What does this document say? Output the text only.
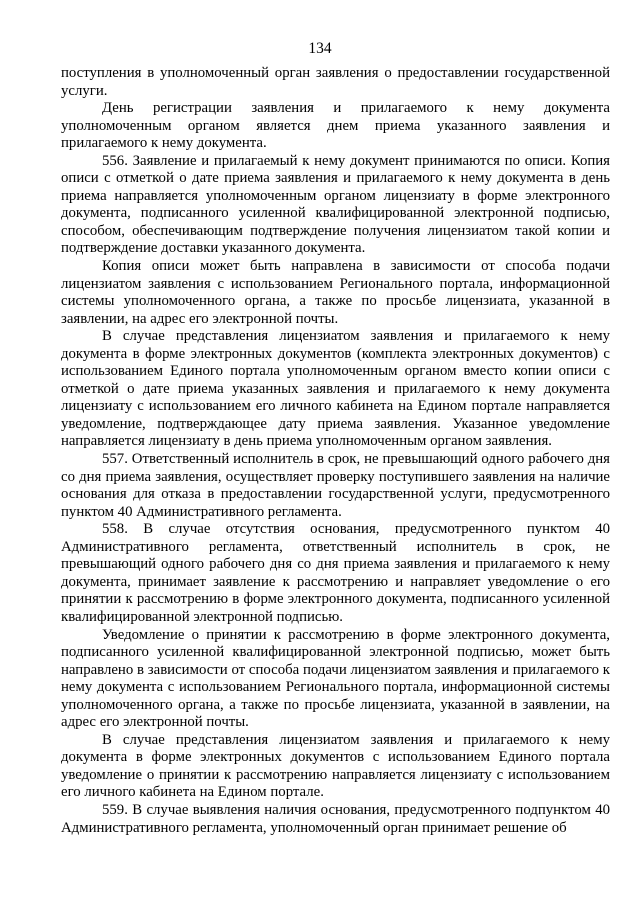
134

поступления в уполномоченный орган заявления о предоставлении государственной услуги.

День регистрации заявления и прилагаемого к нему документа уполномоченным органом является днем приема указанного заявления и прилагаемого к нему документа.

556. Заявление и прилагаемый к нему документ принимаются по описи. Копия описи с отметкой о дате приема заявления и прилагаемого к нему документа в день приема направляется уполномоченным органом лицензиату в форме электронного документа, подписанного усиленной квалифицированной электронной подписью, способом, обеспечивающим подтверждение получения лицензиатом такой копии и подтверждение доставки указанного документа.

Копия описи может быть направлена в зависимости от способа подачи лицензиатом заявления с использованием Регионального портала, информационной системы уполномоченного органа, а также по просьбе лицензиата, указанной в заявлении, на адрес его электронной почты.

В случае представления лицензиатом заявления и прилагаемого к нему документа в форме электронных документов (комплекта электронных документов) с использованием Единого портала уполномоченным органом вместо копии описи с отметкой о дате приема указанных заявления и прилагаемого к нему документа лицензиату с использованием его личного кабинета на Едином портале направляется уведомление, подтверждающее дату приема заявления. Указанное уведомление направляется лицензиату в день приема уполномоченным органом заявления.

557. Ответственный исполнитель в срок, не превышающий одного рабочего дня со дня приема заявления, осуществляет проверку поступившего заявления на наличие основания для отказа в предоставлении государственной услуги, предусмотренного пунктом 40 Административного регламента.

558. В случае отсутствия основания, предусмотренного пунктом 40 Административного регламента, ответственный исполнитель в срок, не превышающий одного рабочего дня со дня приема заявления и прилагаемого к нему документа, принимает заявление к рассмотрению и направляет уведомление о его принятии к рассмотрению в форме электронного документа, подписанного усиленной квалифицированной электронной подписью.

Уведомление о принятии к рассмотрению в форме электронного документа, подписанного усиленной квалифицированной электронной подписью, может быть направлено в зависимости от способа подачи лицензиатом заявления и прилагаемого к нему документа с использованием Регионального портала, информационной системы уполномоченного органа, а также по просьбе лицензиата, указанной в заявлении, на адрес его электронной почты.

В случае представления лицензиатом заявления и прилагаемого к нему документа в форме электронных документов с использованием Единого портала уведомление о принятии к рассмотрению направляется лицензиату с использованием его личного кабинета на Едином портале.

559. В случае выявления наличия основания, предусмотренного подпунктом 40 Административного регламента, уполномоченный орган принимает решение об
